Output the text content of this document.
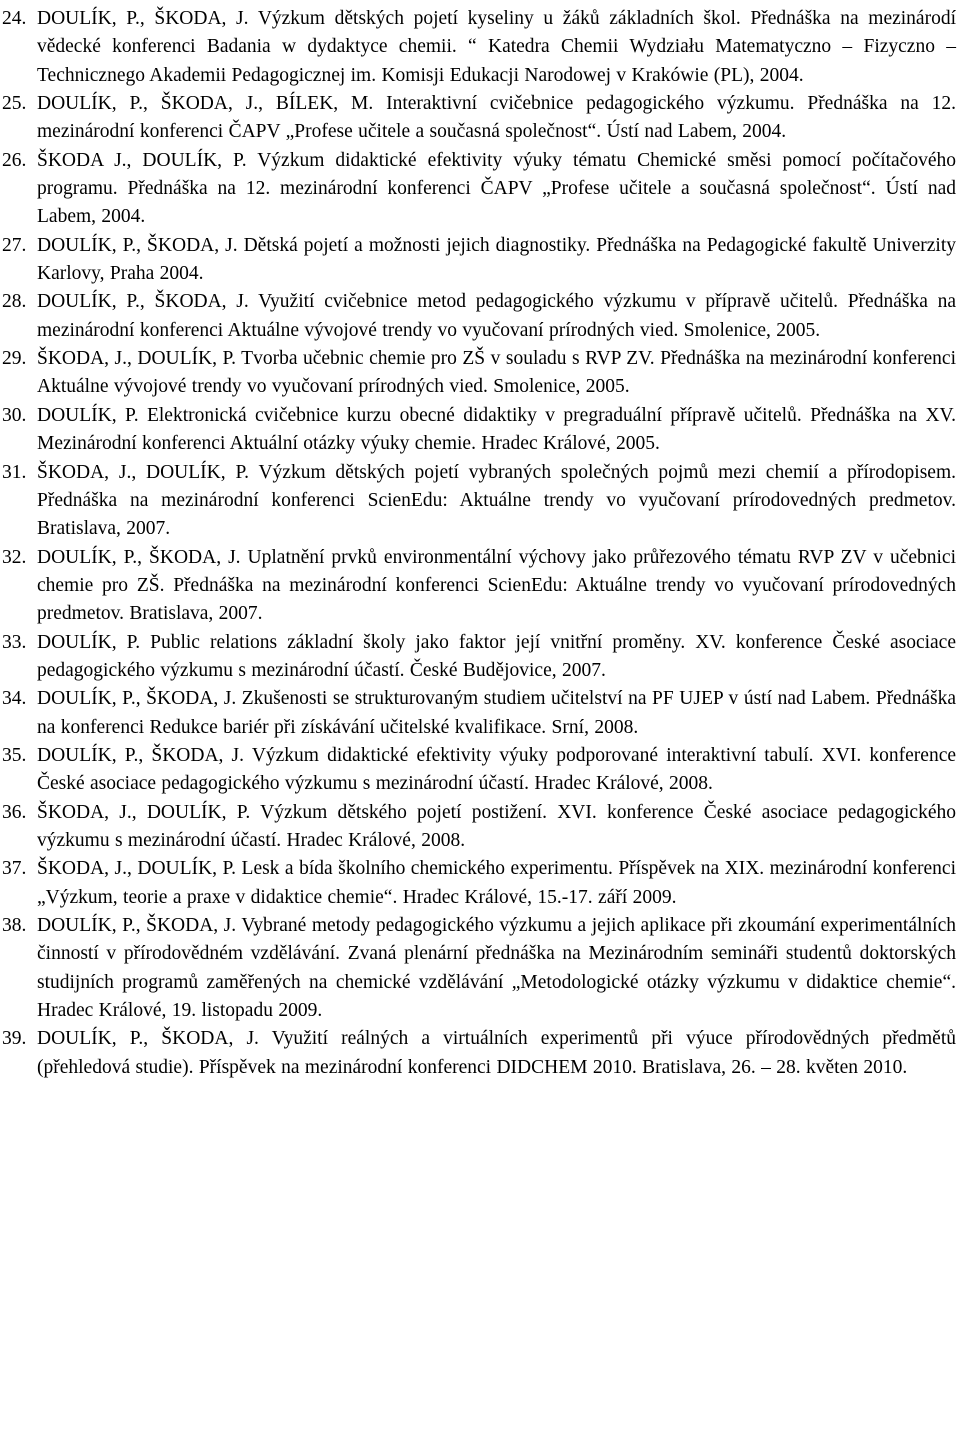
24. DOULÍK, P., ŠKODA, J. Výzkum dětských pojetí kyseliny u žáků základních škol. Přednáška na mezinárodí vědecké konferenci Badania w dydaktyce chemii. “ Katedra Chemii Wydziału Matematyczno – Fizyczno – Technicznego Akademii Pedagogicznej im. Komisji Edukacji Narodowej v Krakówie (PL), 2004.
25. DOULÍK, P., ŠKODA, J., BÍLEK, M. Interaktivní cvičebnice pedagogického výzkumu. Přednáška na 12. mezinárodní konferenci ČAPV „Profese učitele a současná společnost“. Ústí nad Labem, 2004.
26. ŠKODA J., DOULÍK, P. Výzkum didaktické efektivity výuky tématu Chemické směsi pomocí počítačového programu. Přednáška na 12. mezinárodní konferenci ČAPV „Profese učitele a současná společnost“. Ústí nad Labem, 2004.
27. DOULÍK, P., ŠKODA, J. Dětská pojetí a možnosti jejich diagnostiky. Přednáška na Pedagogické fakultě Univerzity Karlovy, Praha 2004.
28. DOULÍK, P., ŠKODA, J. Využití cvičebnice metod pedagogického výzkumu v přípravě učitelů. Přednáška na mezinárodní konferenci Aktuálne vývojové trendy vo vyučovaní prírodných vied. Smolenice, 2005.
29. ŠKODA, J., DOULÍK, P. Tvorba učebnic chemie pro ZŠ v souladu s RVP ZV. Přednáška na mezinárodní konferenci Aktuálne vývojové trendy vo vyučovaní prírodných vied. Smolenice, 2005.
30. DOULÍK, P. Elektronická cvičebnice kurzu obecné didaktiky v pregraduální přípravě učitelů. Přednáška na XV. Mezinárodní konferenci Aktuální otázky výuky chemie. Hradec Králové, 2005.
31. ŠKODA, J., DOULÍK, P. Výzkum dětských pojetí vybraných společných pojmů mezi chemií a přírodopisem. Přednáška na mezinárodní konferenci ScienEdu: Aktuálne trendy vo vyučovaní prírodovedných predmetov. Bratislava, 2007.
32. DOULÍK, P., ŠKODA, J. Uplatnění prvků environmentální výchovy jako průřezového tématu RVP ZV v učebnici chemie pro ZŠ. Přednáška na mezinárodní konferenci ScienEdu: Aktuálne trendy vo vyučovaní prírodovedných predmetov. Bratislava, 2007.
33. DOULÍK, P. Public relations základní školy jako faktor její vnitřní proměny. XV. konference České asociace pedagogického výzkumu s mezinárodní účastí. České Budějovice, 2007.
34. DOULÍK, P., ŠKODA, J. Zkušenosti se strukturovaným studiem učitelství na PF UJEP v ústí nad Labem. Přednáška na konferenci Redukce bariér při získávání učitelské kvalifikace. Srní, 2008.
35. DOULÍK, P., ŠKODA, J. Výzkum didaktické efektivity výuky podporované interaktivní tabulí. XVI. konference České asociace pedagogického výzkumu s mezinárodní účastí. Hradec Králové, 2008.
36. ŠKODA, J., DOULÍK, P. Výzkum dětského pojetí postižení. XVI. konference České asociace pedagogického výzkumu s mezinárodní účastí. Hradec Králové, 2008.
37. ŠKODA, J., DOULÍK, P. Lesk a bída školního chemického experimentu. Příspěvek na XIX. mezinárodní konferenci „Výzkum, teorie a praxe v didaktice chemie“. Hradec Králové, 15.-17. září 2009.
38. DOULÍK, P., ŠKODA, J. Vybrané metody pedagogického výzkumu a jejich aplikace při zkoumání experimentálních činností v přírodovědném vzdělávání. Zvaná plenární přednáška na Mezinárodním semináři studentů doktorských studijních programů zaměřených na chemické vzdělávání „Metodologické otázky výzkumu v didaktice chemie“. Hradec Králové, 19. listopadu 2009.
39. DOULÍK, P., ŠKODA, J. Využití reálných a virtuálních experimentů při výuce přírodovědných předmětů (přehledová studie). Příspěvek na mezinárodní konferenci DIDCHEM 2010. Bratislava, 26. – 28. květen 2010.
